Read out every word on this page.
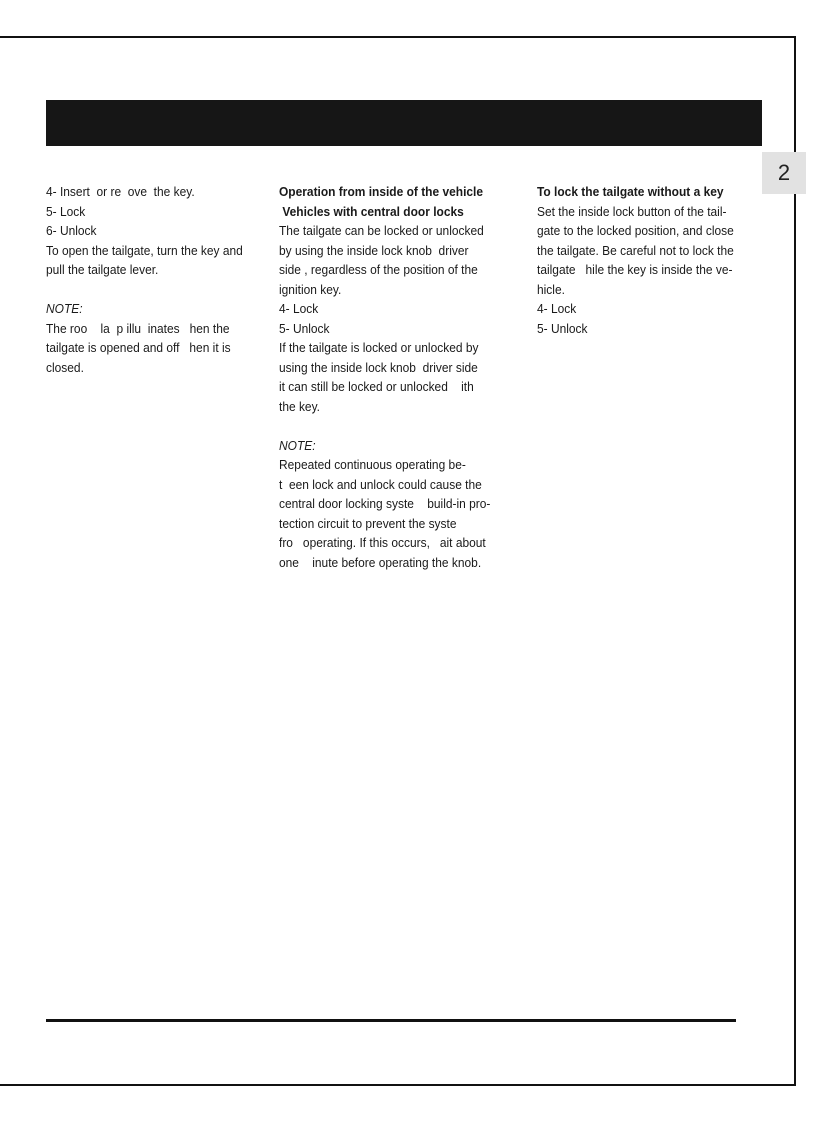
2
4- Insert  or re  ove  the key.
5- Lock
6- Unlock
To open the tailgate, turn the key and
pull the tailgate lever.
NOTE:
The roo    la  p illu  inates   hen the
tailgate is opened and off   hen it is
closed.
Operation from inside of the vehicle
Vehicles with central door locks
The tailgate can be locked or unlocked
by using the inside lock knob  driver
side , regardless of the position of the
ignition key.
4- Lock
5- Unlock
If the tailgate is locked or unlocked by
using the inside lock knob  driver side
it can still be locked or unlocked    ith
the key.
NOTE:
Repeated continuous operating be-
t  een lock and unlock could cause the
central door locking syste    build-in pro-
tection circuit to prevent the syste
fro   operating. If this occurs,   ait about
one    inute before operating the knob.
To lock the tailgate without a key
Set the inside lock button of the tail-
gate to the locked position, and close
the tailgate. Be careful not to lock the
tailgate   hile the key is inside the ve-
hicle.
4- Lock
5- Unlock
